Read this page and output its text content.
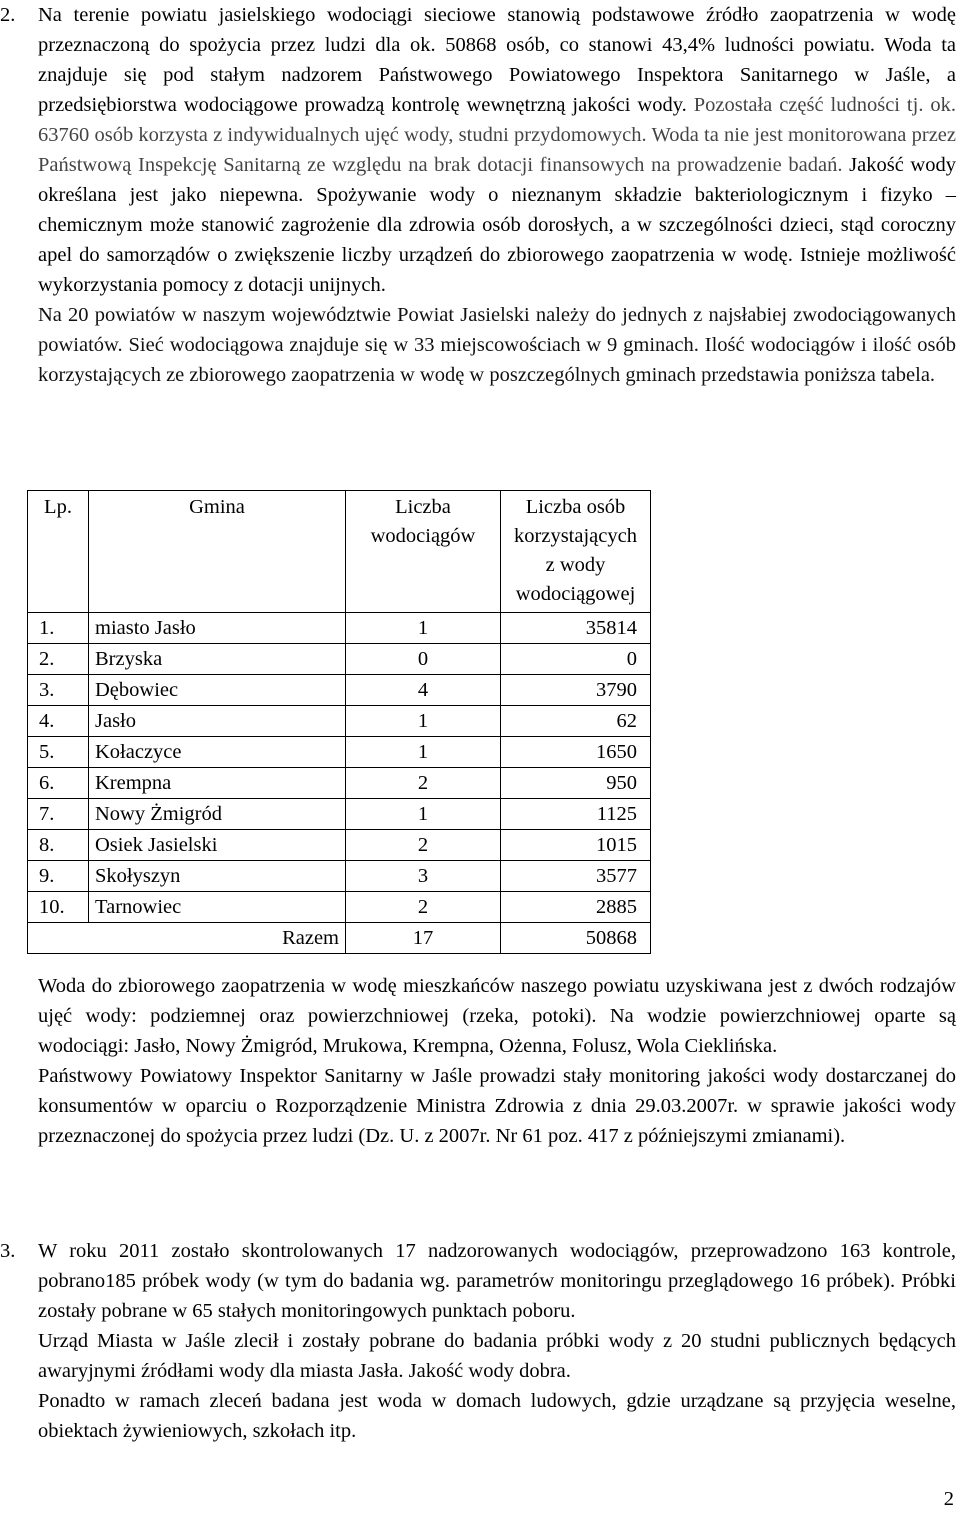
2.	Na terenie powiatu jasielskiego wodociągi sieciowe stanowią podstawowe źródło zaopatrzenia w wodę przeznaczoną do spożycia przez ludzi dla ok. 50868 osób, co stanowi 43,4% ludności powiatu. Woda ta znajduje się pod stałym nadzorem Państwowego Powiatowego Inspektora Sanitarnego w Jaśle, a przedsiębiorstwa wodociągowe prowadzą kontrolę wewnętrzną jakości wody. Pozostała część ludności tj. ok. 63760 osób korzysta z indywidualnych ujęć wody, studni przydomowych. Woda ta nie jest monitorowana przez Państwową Inspekcję Sanitarną ze względu na brak dotacji finansowych na prowadzenie badań. Jakość wody określana jest jako niepewna. Spożywanie wody o nieznanym składzie bakteriologicznym i fizyko –chemicznym może stanowić zagrożenie dla zdrowia osób dorosłych, a w szczególności dzieci, stąd coroczny apel do samorządów o zwiększenie liczby urządzeń do zbiorowego zaopatrzenia w wodę. Istnieje możliwość wykorzystania pomocy z dotacji unijnych.

Na 20 powiatów w naszym województwie Powiat Jasielski należy do jednych z najsłabiej zwodociągowanych powiatów. Sieć wodociągowa znajduje się w 33 miejscowościach w 9 gminach. Ilość wodociągów i ilość osób korzystających ze zbiorowego zaopatrzenia w wodę w poszczególnych gminach przedstawia poniższa tabela.

Lp.	Gmina	Liczba wodociągów	Liczba osób korzystających z wody wodociągowej
1.	miasto Jasło	1	35814
2.	Brzyska	0	0
3.	Dębowiec	4	3790
4.	Jasło	1	62
5.	Kołaczyce	1	1650
6.	Krempna	2	950
7.	Nowy Żmigród	1	1125
8.	Osiek Jasielski	2	1015
9.	Skołyszyn	3	3577
10.	Tarnowiec	2	2885
Razem		17	50868

Woda do zbiorowego zaopatrzenia w wodę mieszkańców naszego powiatu uzyskiwana jest z dwóch rodzajów ujęć wody: podziemnej oraz powierzchniowej (rzeka, potoki). Na wodzie powierzchniowej oparte są wodociągi: Jasło, Nowy Żmigród, Mrukowa, Krempna, Ożenna, Folusz, Wola Cieklińska.

Państwowy Powiatowy Inspektor Sanitarny w Jaśle prowadzi stały monitoring jakości wody dostarczanej do konsumentów w oparciu o Rozporządzenie Ministra Zdrowia z dnia 29.03.2007r. w sprawie jakości wody przeznaczonej do spożycia przez ludzi (Dz. U. z 2007r. Nr 61 poz. 417 z późniejszymi zmianami).

3.	W roku 2011 zostało skontrolowanych 17 nadzorowanych wodociągów, przeprowadzono 163 kontrole, pobrano185 próbek wody (w tym do badania wg. parametrów monitoringu przeglądowego 16 próbek). Próbki zostały pobrane w 65 stałych monitoringowych punktach poboru.

Urząd Miasta w Jaśle zlecił i zostały pobrane do badania próbki wody z 20 studni publicznych będących awaryjnymi źródłami wody dla miasta Jasła. Jakość wody dobra.

Ponadto w ramach zleceń badana jest woda w domach ludowych, gdzie urządzane są przyjęcia weselne, obiektach żywieniowych, szkołach itp.

2
